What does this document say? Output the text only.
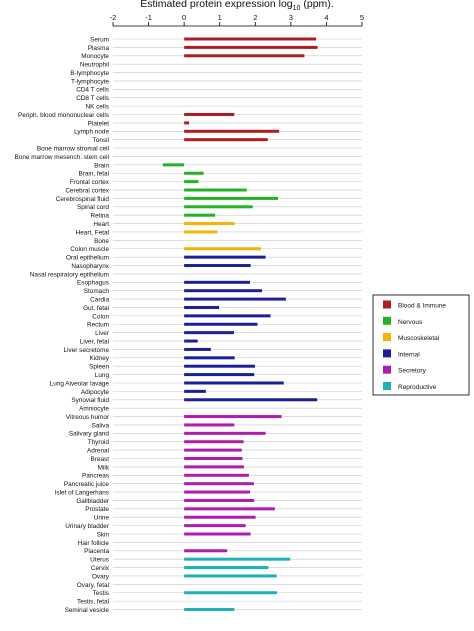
Estimated protein expression $\log_{10} (ppm)$.
-2	-1	0	1	2	3	4	5
Serum
Plasma
Monocyte
Neutrophil
B-lymphocyte
T-lymphocyte
CD4 T cells
CD8 T cells
NK cells
Periph. blood mononuclear cells
Platelet
Lymph node
Tonsil
Bone marrow stromal cell
Bone marrow mesench. stem cell
Brain
Brain, fetal
Frontal cortex
Cerebral cortex
Cerebrospinal fluid
Spinal cord
Retina
Heart
Heart, Fetal
Bone
Colon muscle
Oral epithelium
Nasopharynx
Nasal respiratory epithelium
Esophagus
Stomach
Cardia
Gut, fetal
Colon
Rectum
Liver
Liver, fetal
Liver secretome
Kidney
Spleen
Lung
Lung Alveolar lavage
Adipocyte
Synovial fluid
Amniocyte
Vitreous humor
Saliva
Salivary gland
Thyroid
Adrenal
Breast
Milk
Pancreas
Pancreatic juice
Islet of Langerhans
Gallbladder
Prostate
Urine
Urinary bladder
Skin
Hair follicle
Placenta
Uterus
Cervix
Ovary
Ovary, fetal
Testis
Testis, fetal
Seminal vesicle
Blood & Immune
Nervous
Muscoskeletal
Internal
Secretory
Reproductive
